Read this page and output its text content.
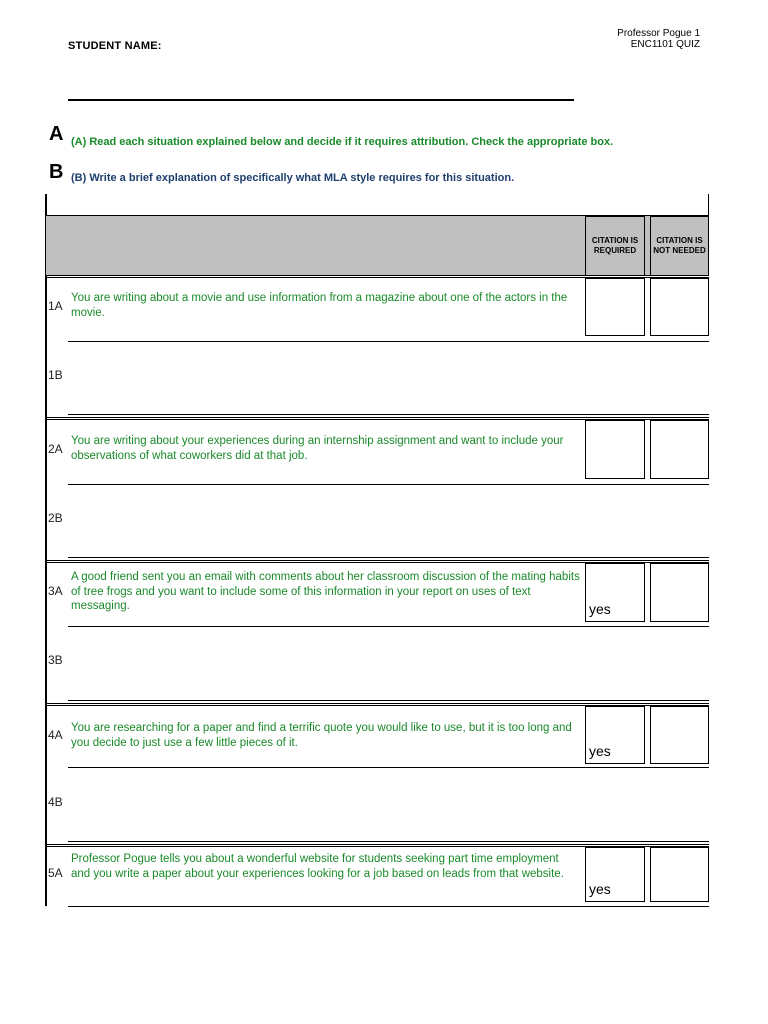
Professor Pogue 1
ENC1101 QUIZ
STUDENT NAME:
A (A) Read each situation explained below and decide if it requires attribution. Check the appropriate box.
B (B) Write a brief explanation of specifically what MLA style requires for this situation.
CITATION IS REQUIRED
CITATION IS NOT NEEDED
1A
You are writing about a movie and use information from a magazine about one of the actors in the movie.
1B
2A
You are writing about your experiences during an internship assignment and want to include your observations of what coworkers did at that job.
2B
3A
A good friend sent you an email with comments about her classroom discussion of the mating habits of tree frogs and you want to include some of this information in your report on uses of text messaging.	yes
3B
4A You are researching for a paper and find a terrific quote you would like to use, but it is too long and you decide to just use a few little pieces of it.
yes
4B
5A
Professor Pogue tells you about a wonderful website for students seeking part time employment and you write a paper about your experiences looking for a job based on leads from that website.
yes
